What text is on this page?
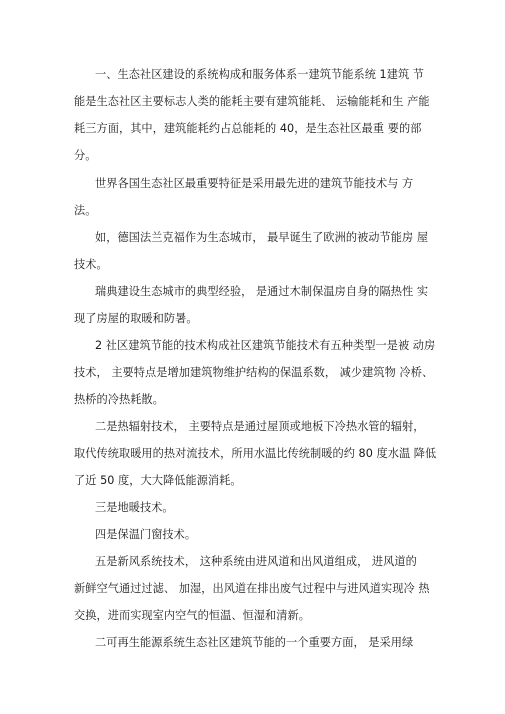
一、生态社区建设的系统构成和服务体系一建筑节能系统 1建筑 节
能是生态社区主要标志人类的能耗主要有建筑能耗、 运输能耗和生 产能
耗三方面，其中，建筑能耗约占总能耗的 40，是生态社区最重 要的部
分。
世界各国生态社区最重要特征是采用最先进的建筑节能技术与 方
法。
如，德国法兰克福作为生态城市， 最早诞生了欧洲的被动节能房 屋
技术。
瑞典建设生态城市的典型经验， 是通过木制保温房自身的隔热性 实
现了房屋的取暖和防暑。
2 社区建筑节能的技术构成社区建筑节能技术有五种类型一是被 动房
技术， 主要特点是增加建筑物维护结构的保温系数， 减少建筑物 冷桥、
热桥的冷热耗散。
二是热辐射技术， 主要特点是通过屋顶或地板下冷热水管的辐射，
取代传统取暖用的热对流技术，所用水温比传统制暖的约 80 度水温 降低
了近 50 度，大大降低能源消耗。
三是地暖技术。
四是保温门窗技术。
五是新风系统技术， 这种系统由进风道和出风道组成， 进风道的
新鲜空气通过过滤、 加湿，出风道在排出废气过程中与进风道实现冷 热
交换，进而实现室内空气的恒温、恒湿和清新。
二可再生能源系统生态社区建筑节能的一个重要方面， 是采用绿
